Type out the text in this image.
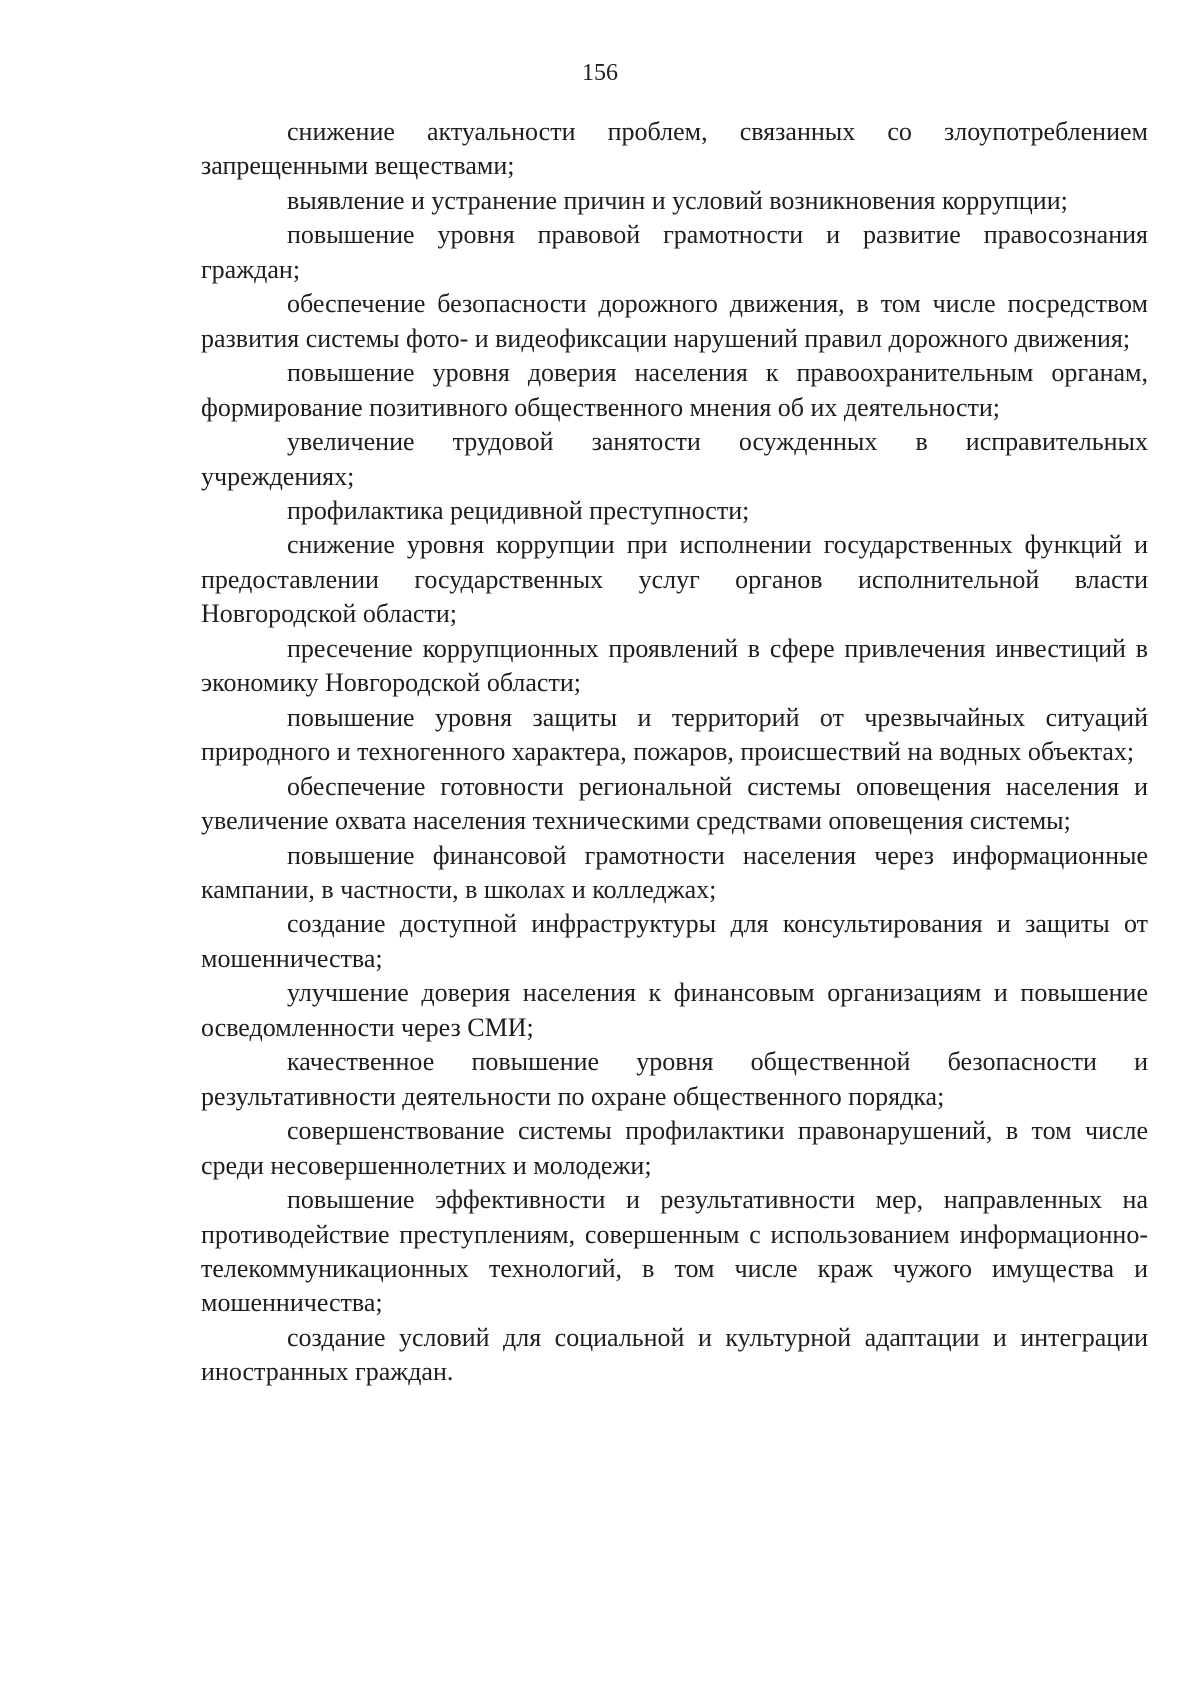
156
снижение актуальности проблем, связанных со злоупотреблением запрещенными веществами;
выявление и устранение причин и условий возникновения коррупции;
повышение уровня правовой грамотности и развитие правосознания граждан;
обеспечение безопасности дорожного движения, в том числе посредством развития системы фото- и видеофиксации нарушений правил дорожного движения;
повышение уровня доверия населения к правоохранительным органам, формирование позитивного общественного мнения об их деятельности;
увеличение трудовой занятости осужденных в исправительных учреждениях;
профилактика рецидивной преступности;
снижение уровня коррупции при исполнении государственных функций и предоставлении государственных услуг органов исполнительной власти Новгородской области;
пресечение коррупционных проявлений в сфере привлечения инвестиций в экономику Новгородской области;
повышение уровня защиты и территорий от чрезвычайных ситуаций природного и техногенного характера, пожаров, происшествий на водных объектах;
обеспечение готовности региональной системы оповещения населения и увеличение охвата населения техническими средствами оповещения системы;
повышение финансовой грамотности населения через информационные кампании, в частности, в школах и колледжах;
создание доступной инфраструктуры для консультирования и защиты от мошенничества;
улучшение доверия населения к финансовым организациям и повышение осведомленности через СМИ;
качественное повышение уровня общественной безопасности и результативности деятельности по охране общественного порядка;
совершенствование системы профилактики правонарушений, в том числе среди несовершеннолетних и молодежи;
повышение эффективности и результативности мер, направленных на противодействие преступлениям, совершенным с использованием информационно-телекоммуникационных технологий, в том числе краж чужого имущества и мошенничества;
создание условий для социальной и культурной адаптации и интеграции иностранных граждан.
